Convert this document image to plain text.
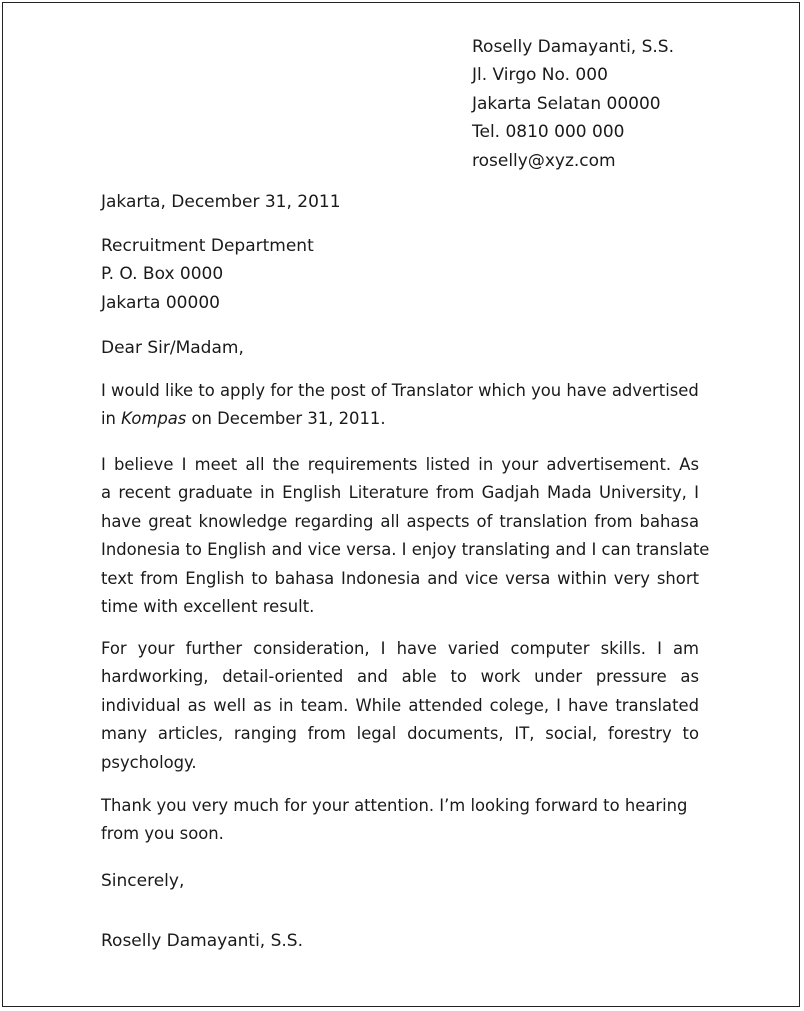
Roselly Damayanti, S.S.
Jl. Virgo No. 000
Jakarta Selatan 00000
Tel. 0810 000 000
roselly@xyz.com
Jakarta, December 31, 2011
Recruitment Department
P. O. Box 0000
Jakarta 00000
Dear Sir/Madam,
I would like to apply for the post of Translator which you have advertised
in Kompas on December 31, 2011.
I believe I meet all the requirements listed in your advertisement. As
a recent graduate in English Literature from Gadjah Mada University, I
have great knowledge regarding all aspects of translation from bahasa
Indonesia to English and vice versa. I enjoy translating and I can translate
text from English to bahasa Indonesia and vice versa within very short
time with excellent result.
For your further consideration, I have varied computer skills. I am
hardworking, detail-oriented and able to work under pressure as
individual as well as in team. While attended colege, I have translated
many articles, ranging from legal documents, IT, social, forestry to
psychology.
Thank you very much for your attention. I’m looking forward to hearing
from you soon.
Sincerely,
Roselly Damayanti, S.S.
